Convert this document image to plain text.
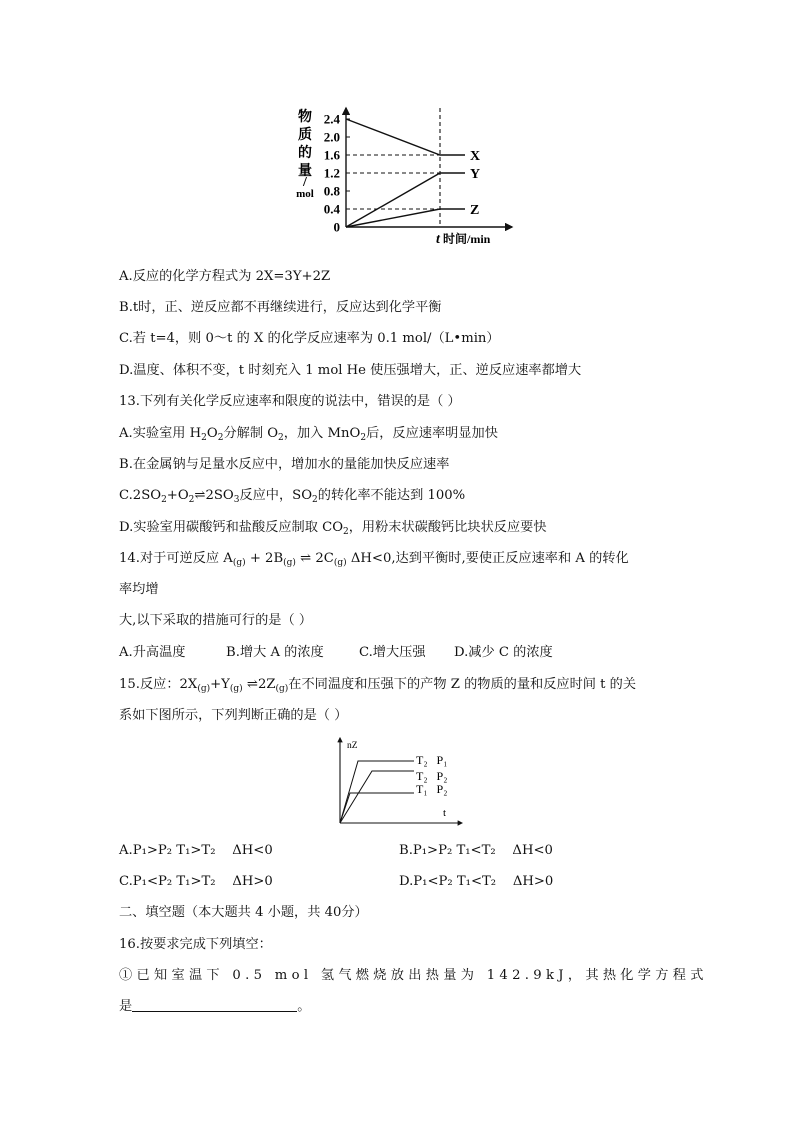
物
质
的
量
/
mol
2.4
2.0
1.6
1.2
0.8
0.4
0
X
Y
Z
t 时间/min
A.反应的化学方程式为 2X=3Y+2Z
B.t时，正、逆反应都不再继续进行，反应达到化学平衡
C.若 t=4，则 0～t 的 X 的化学反应速率为 0.1 mol/（L•min）
D.温度、体积不变，t 时刻充入 1 mol He 使压强增大，正、逆反应速率都增大
13.下列有关化学反应速率和限度的说法中，错误的是（ ）
A.实验室用 $H_2O_2$分解制 $O_2$，加入 MnO$_2$后，反应速率明显加快
B.在金属钠与足量水反应中，增加水的量能加快反应速率
$C.2SO_2+O_2\rightleftharpoons 2SO_3$反应中，$SO_2$的转化率不能达到 100%
D.实验室用碳酸钙和盐酸反应制取 $CO_2$，用粉末状碳酸钙比块状反应要快
14.对于可逆反应 $A_{(g)} + 2B_{(g)}$ ⇌ $2C_{(g)}$ ΔH<0,达到平衡时,要使正反应速率和 A 的转化
率均增
大,以下采取的措施可行的是（ ）
A.升高温度	B.增大 A 的浓度	C.增大压强 D.减少 C 的浓度
15.反应：$2X_{(g)}+Y_{(g)}$ $\rightleftharpoons 2Z_{(g)}$在不同温度和压强下的产物 Z 的物质的量和反应时间 t 的关
系如下图所示，下列判断正确的是（ ）
nZ
t
T₂   P₁
T₂   P₂
T₁   P₂
A.P₁>P₂ T₁>T₂    ΔH<0	B.P₁>P₂ T₁<T₂    ΔH<0
C.P₁<P₂ T₁>T₂    ΔH>0	D.P₁<P₂ T₁<T₂    ΔH>0
二、填空题（本大题共 4 小题，共 40分）
16.按要求完成下列填空：
①已知室温下 0.5 mol 氢气燃烧放出热量为 142.9kJ，其热化学方程式
是	。
